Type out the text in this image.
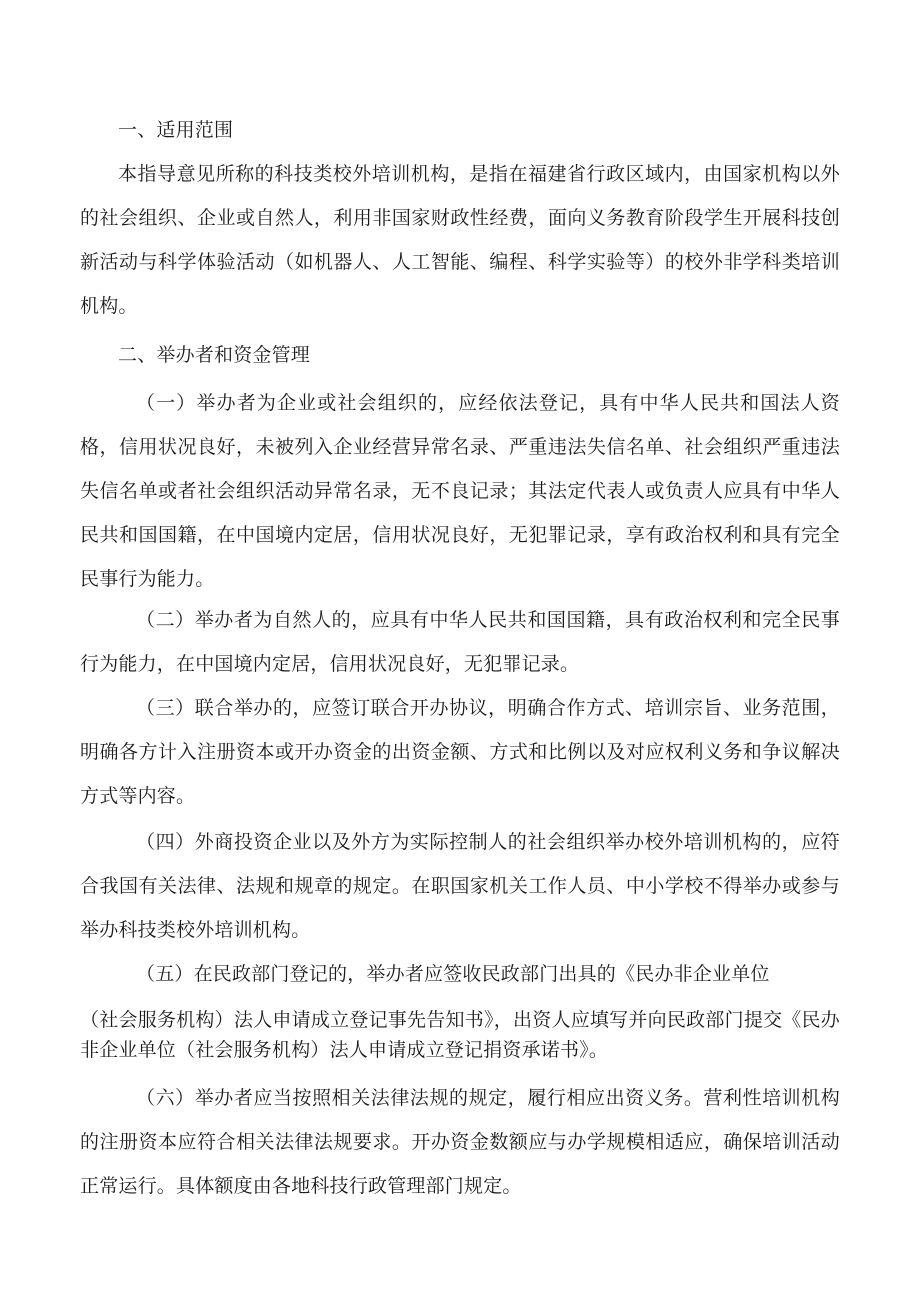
一、适用范围

本指导意见所称的科技类校外培训机构，是指在福建省行政区域内，由国家机构以外的社会组织、企业或自然人，利用非国家财政性经费，面向义务教育阶段学生开展科技创新活动与科学体验活动（如机器人、人工智能、编程、科学实验等）的校外非学科类培训机构。

二、举办者和资金管理

（一）举办者为企业或社会组织的，应经依法登记，具有中华人民共和国法人资格，信用状况良好，未被列入企业经营异常名录、严重违法失信名单、社会组织严重违法失信名单或者社会组织活动异常名录，无不良记录；其法定代表人或负责人应具有中华人民共和国国籍，在中国境内定居，信用状况良好，无犯罪记录，享有政治权利和具有完全民事行为能力。

（二）举办者为自然人的，应具有中华人民共和国国籍，具有政治权利和完全民事行为能力，在中国境内定居，信用状况良好，无犯罪记录。

（三）联合举办的，应签订联合开办协议，明确合作方式、培训宗旨、业务范围，明确各方计入注册资本或开办资金的出资金额、方式和比例以及对应权利义务和争议解决方式等内容。

（四）外商投资企业以及外方为实际控制人的社会组织举办校外培训机构的，应符合我国有关法律、法规和规章的规定。在职国家机关工作人员、中小学校不得举办或参与举办科技类校外培训机构。

（五）在民政部门登记的，举办者应签收民政部门出具的《民办非企业单位

（社会服务机构）法人申请成立登记事先告知书》，出资人应填写并向民政部门提交《民办非企业单位（社会服务机构）法人申请成立登记捐资承诺书》。

（六）举办者应当按照相关法律法规的规定，履行相应出资义务。营利性培训机构的注册资本应符合相关法律法规要求。开办资金数额应与办学规模相适应，确保培训活动正常运行。具体额度由各地科技行政管理部门规定。
